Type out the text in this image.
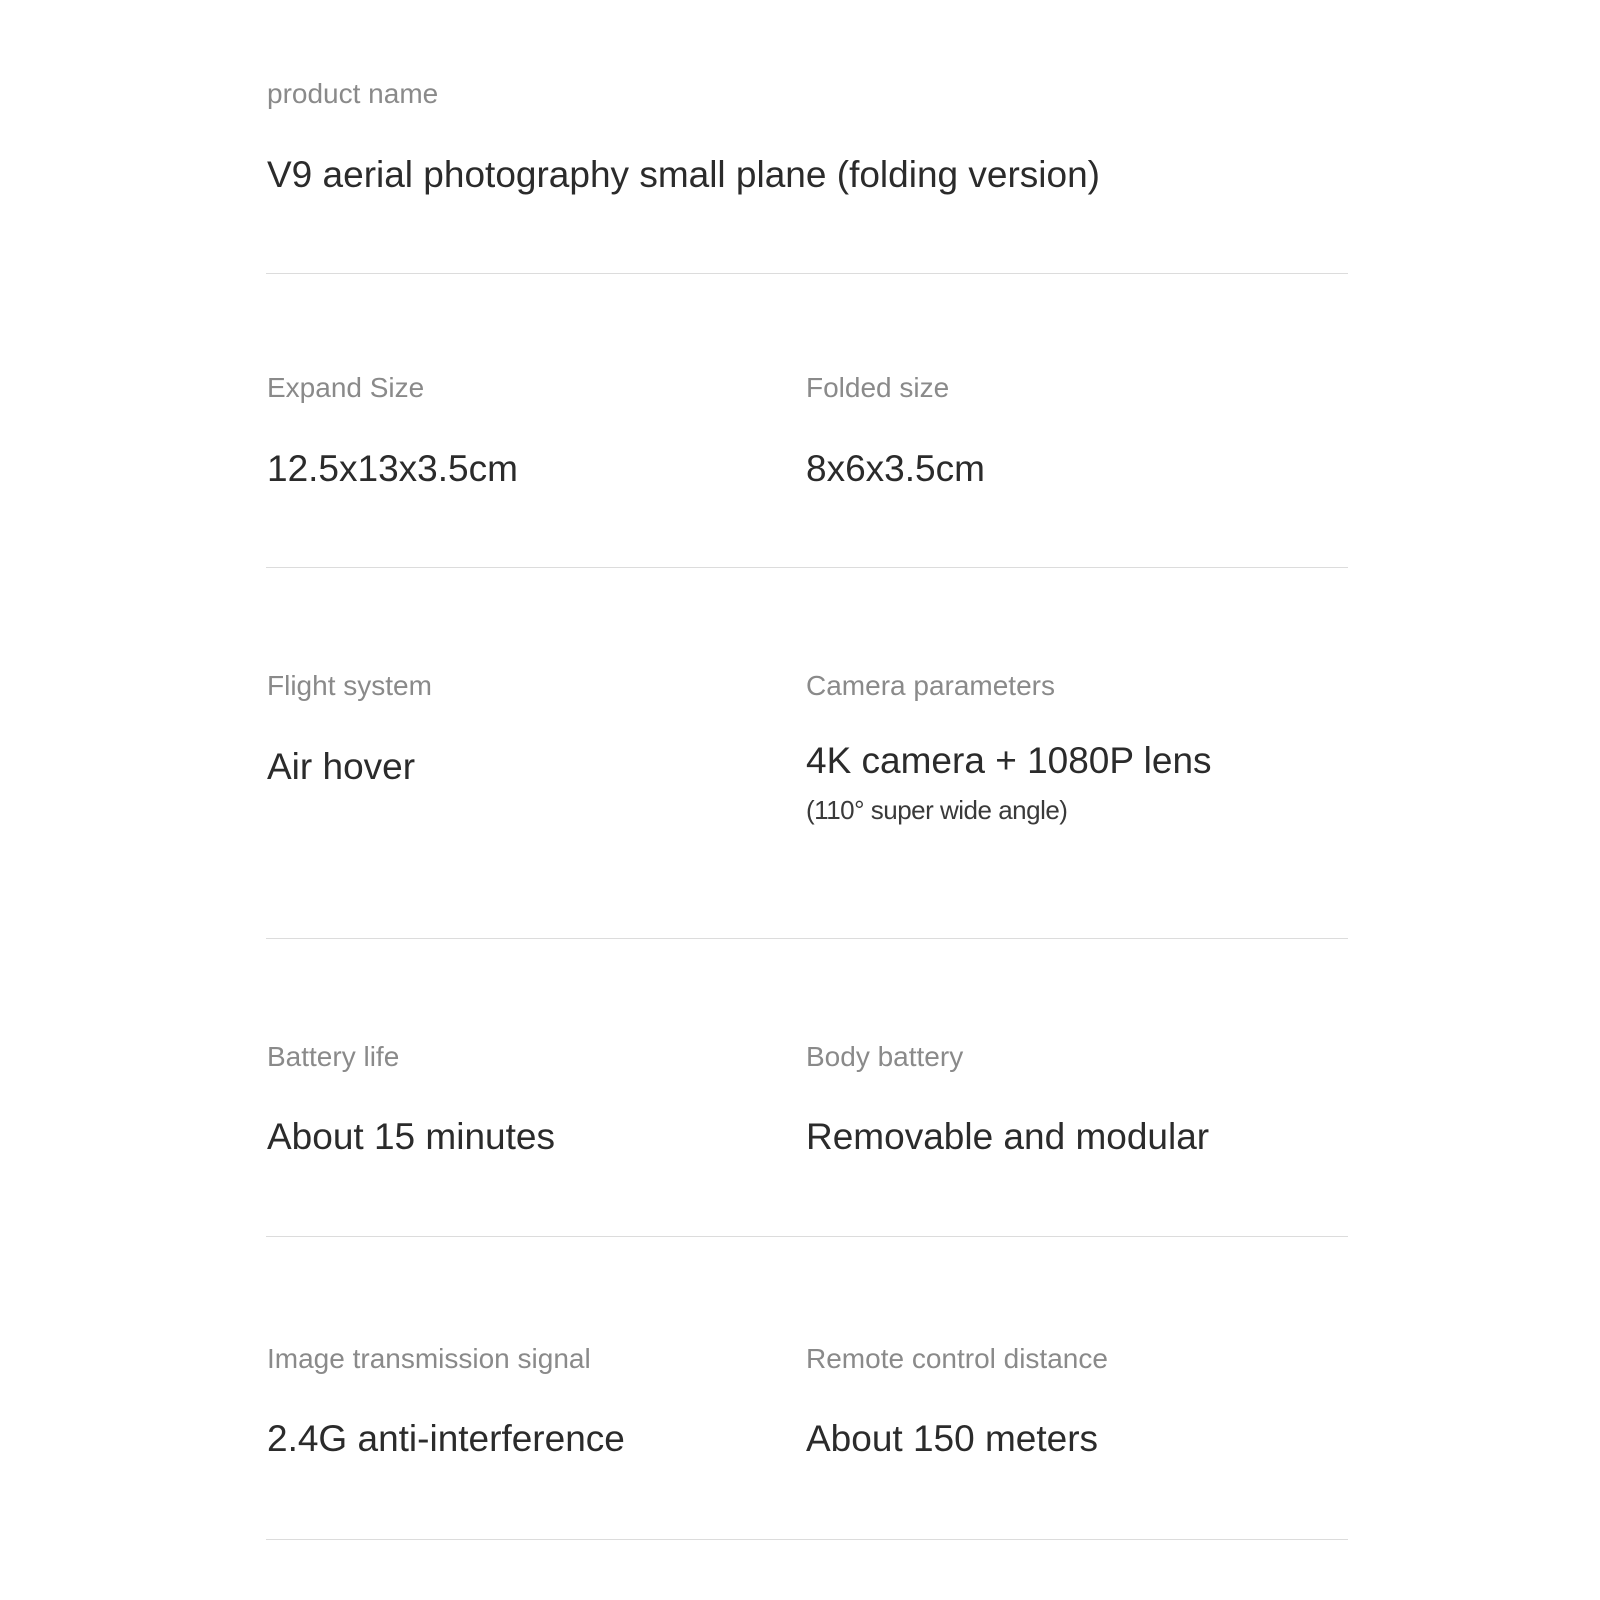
product name
V9 aerial photography small plane (folding version)
Expand Size
12.5x13x3.5cm
Folded size
8x6x3.5cm
Flight system
Air hover
Camera parameters
4K camera + 1080P lens
(110° super wide angle)
Battery life
About 15 minutes
Body battery
Removable and modular
Image transmission signal
2.4G anti-interference
Remote control distance
About 150 meters
